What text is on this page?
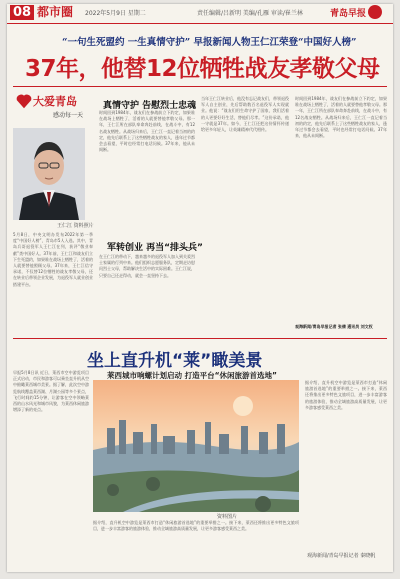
08 都市圈 2022年5月9日 星期二	责任编辑/吕新明 美编/孔雁 审读/崔兰林	青岛早报
“一句生死盟约 一生真情守护” 早报新闻人物王仁江荣登“中国好人榜”
37年，他替12位牺牲战友孝敬父母
大爱青岛
感动每一天
王仁江 资料照片
5月8日，中央文明办发布2022年第一季度“中国好人榜”，青岛市5人入选。其中，青岛兵哥退役军人王仁江在列，获评“敬业奉献”类中国好人。37年前，王仁江和战友们立下生死盟约，如果谁在战场上牺牲了，活着的人就要替他照顾父母。37年来，王仁江信守承诺，不仅替12位牺牲的战友孝敬父母，还在转业后带领企业发展，为退役军人就业创业搭建平台。
真情守护 告慰烈士忠魂
时间回到1984年，战友们在参战前立下约定，如果谁在战场上牺牲了，活着的人就要替他孝敬父母。那一年，王仁江所在部队奉命奔赴前线，在战斗中，有12名战友牺牲。从战场归来后，王仁江一直记着当初的约定，他先后联系上了这些牺牲战友的家人，逢年过节都会去看望，平时也经常打电话问候。37年来，他从未间断。
军转创业 再当“排头兵”
在王仁江的带动下，越来越多的退役军人加入到关爱烈士家属的行列中来。他们组织志愿服务队，定期走访慰问烈士父母，帮助解决生活中的实际困难。王仁江说，只要自己还走得动，就会一直坚持下去。
当年王仁江转业后，他没有忘记战友们，带领退役军人自主创业，先后帮助数百名退役军人实现就业。他说：“战友们用生命守护了国家，我们活着的人更要好好生活，替他们尽孝。”这份承诺，他一守就是37年。如今，王仁江还把这份情怀传递给更多年轻人，让英雄精神代代相传。
时间回到1984年，战友们在参战前立下约定，如果谁在战场上牺牲了，活着的人就要替他孝敬父母。那一年，王仁江所在部队奉命奔赴前线，在战斗中，有12名战友牺牲。从战场归来后，王仁江一直记着当初的约定，他先后联系上了这些牺牲战友的家人，逢年过节都会去看望，平时也经常打电话问候。37年来，他从未间断。
观海新闻/青岛早报记者 张倩 通讯员 刘文权
坐上直升机“莱”瞰美景
莱西城市响螺计划启动 打造平台“休闲旅游首选地”
早报5月8日讯 近日，莱西市空中游览项目正式启动，市民和游客可以乘坐直升机从空中俯瞰莱西城市美景。据了解，此次空中游览航线覆盖莱西湖、月湖公园等多个景点，飞行时间约15分钟，让游客在空中领略莱西的山水风光和城市风貌，为莱西休闲旅游增添了新的亮点。
资料图片
据介绍，直升机空中游览是莱西市打造“休闲旅游首选地”的重要举措之一。接下来，莱西还将推出更多特色文旅项目，进一步丰富游客的旅游体验，推动全域旅游高质量发展，让更多游客感受莱西之美。
据介绍，直升机空中游览是莱西市打造“休闲旅游首选地”的重要举措之一。接下来，莱西还将推出更多特色文旅项目，进一步丰富游客的旅游体验，推动全域旅游高质量发展，让更多游客感受莱西之美。
观海新闻/青岛早报记者 秦晓帆
